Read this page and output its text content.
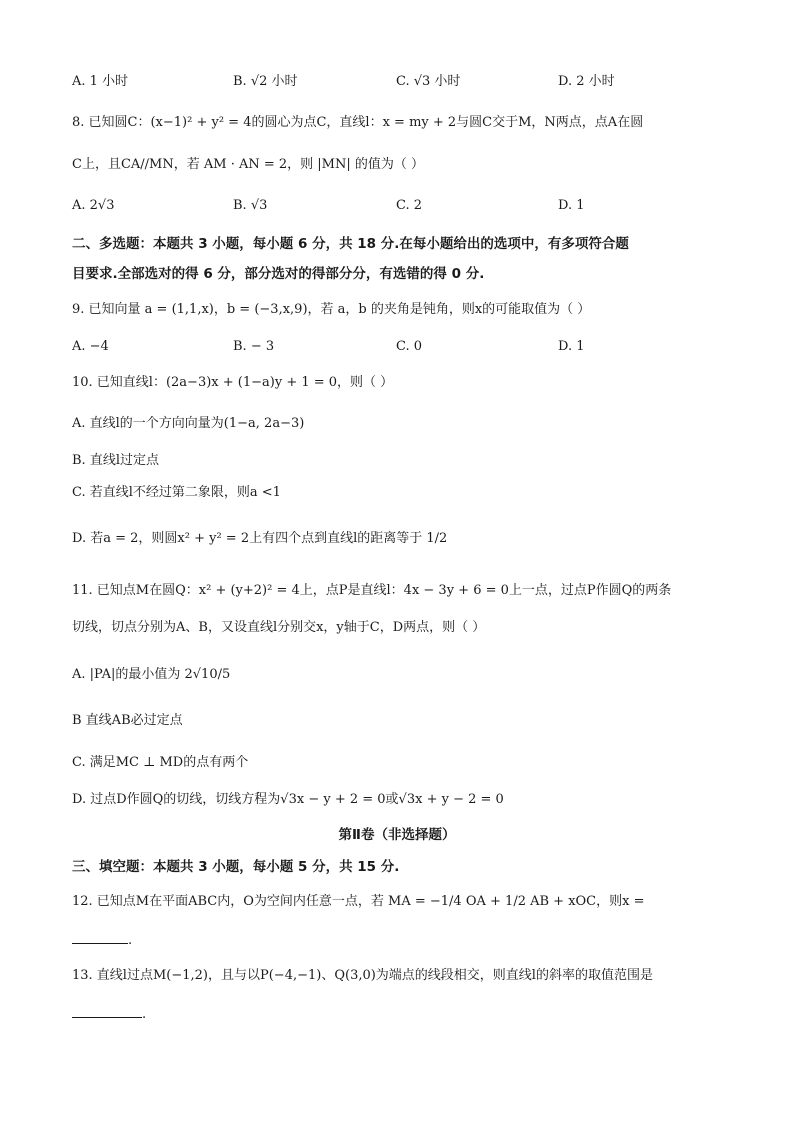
A. 1 小时	B. √2 小时	C. √3 小时	D. 2 小时
8. 已知圆C：(x−1)² + y² = 4的圆心为点C，直线l：x = my + 2与圆C交于M，N两点，点A在圆
C上，且CA//MN，若 AM · AN = 2，则 |MN| 的值为（ ）
A. 2√3	B. √3	C. 2	D. 1
二、多选题：本题共 3 小题，每小题 6 分，共 18 分.在每小题给出的选项中，有多项符合题
目要求.全部选对的得 6 分，部分选对的得部分分，有选错的得 0 分.
9. 已知向量 a = (1,1,x)，b = (−3,x,9)，若 a，b 的夹角是钝角，则x的可能取值为（ ）
A. −4	B. − 3	C. 0	D. 1
10. 已知直线l：(2a−3)x + (1−a)y + 1 = 0，则（ ）
A. 直线l的一个方向向量为(1−a, 2a−3)
B. 直线l过定点
C. 若直线l不经过第二象限，则a <1
D. 若a = 2，则圆x² + y² = 2上有四个点到直线l的距离等于 1/2
11. 已知点M在圆Q：x² + (y+2)² = 4上，点P是直线l：4x − 3y + 6 = 0上一点，过点P作圆Q的两条
切线，切点分别为A、B，又设直线l分别交x，y轴于C，D两点，则（ ）
A. |PA|的最小值为 2√10/5
B 直线AB必过定点
C. 满足MC ⊥ MD的点有两个
D. 过点D作圆Q的切线，切线方程为√3x − y + 2 = 0或√3x + y − 2 = 0
第Ⅱ卷（非选择题）
三、填空题：本题共 3 小题，每小题 5 分，共 15 分.
12. 已知点M在平面ABC内，O为空间内任意一点，若 MA = −1/4 OA + 1/2 AB + xOC，则x =
.
13. 直线l过点M(−1,2)，且与以P(−4,−1)、Q(3,0)为端点的线段相交，则直线l的斜率的取值范围是
.
